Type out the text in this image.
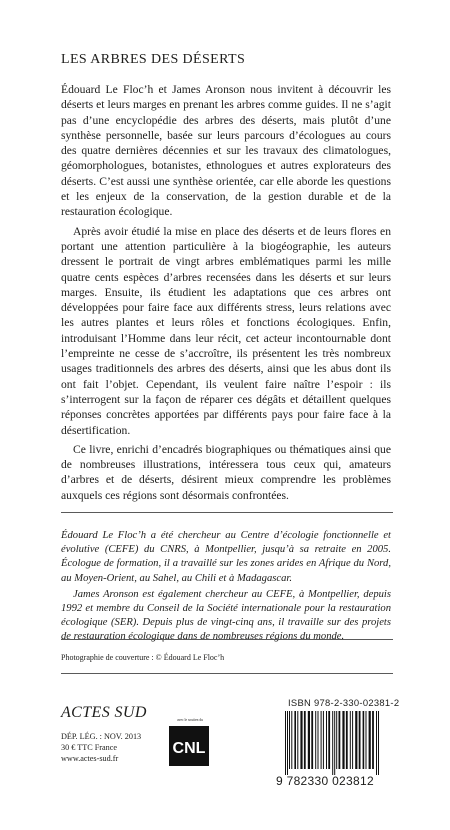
LES ARBRES DES DÉSERTS

Édouard Le Floc’h et James Aronson nous invitent à découvrir les déserts et leurs marges en prenant les arbres comme guides. Il ne s’agit pas d’une encyclopédie des arbres des déserts, mais plutôt d’une synthèse personnelle, basée sur leurs parcours d’écologues au cours des quatre dernières décennies et sur les travaux des climatologues, géomorphologues, botanistes, ethnologues et autres explorateurs des déserts. C’est aussi une synthèse orientée, car elle aborde les questions et les enjeux de la conservation, de la gestion durable et de la restauration écologique.

Après avoir étudié la mise en place des déserts et de leurs flores en portant une attention particulière à la biogéographie, les auteurs dressent le portrait de vingt arbres emblématiques parmi les mille quatre cents espèces d’arbres recensées dans les déserts et sur leurs marges. Ensuite, ils étudient les adaptations que ces arbres ont développées pour faire face aux différents stress, leurs relations avec les autres plantes et leurs rôles et fonctions écologiques. Enfin, introduisant l’Homme dans leur récit, cet acteur incontournable dont l’empreinte ne cesse de s’accroître, ils présentent les très nombreux usages traditionnels des arbres des déserts, ainsi que les abus dont ils ont fait l’objet. Cependant, ils veulent faire naître l’espoir : ils s’interrogent sur la façon de réparer ces dégâts et détaillent quelques réponses concrètes apportées par différents pays pour faire face à la désertification.

Ce livre, enrichi d’encadrés biographiques ou thématiques ainsi que de nombreuses illustrations, intéressera tous ceux qui, amateurs d’arbres et de déserts, désirent mieux comprendre les problèmes auxquels ces régions sont désormais confrontées.

Édouard Le Floc’h a été chercheur au Centre d’écologie fonctionnelle et évolutive (CEFE) du CNRS, à Montpellier, jusqu’à sa retraite en 2005. Écologue de formation, il a travaillé sur les zones arides en Afrique du Nord, au Moyen-Orient, au Sahel, au Chili et à Madagascar.

James Aronson est également chercheur au CEFE, à Montpellier, depuis 1992 et membre du Conseil de la Société internationale pour la restauration écologique (SER). Depuis plus de vingt-cinq ans, il travaille sur des projets de restauration écologique dans de nombreuses régions du monde.

Photographie de couverture : © Édouard Le Floc’h
ACTES SUD
DÉP. LÉG. : NOV. 2013
30 € TTC France
www.actes-sud.fr
avec le soutien du
CNL
ISBN 978-2-330-02381-2
9 782330 023812
